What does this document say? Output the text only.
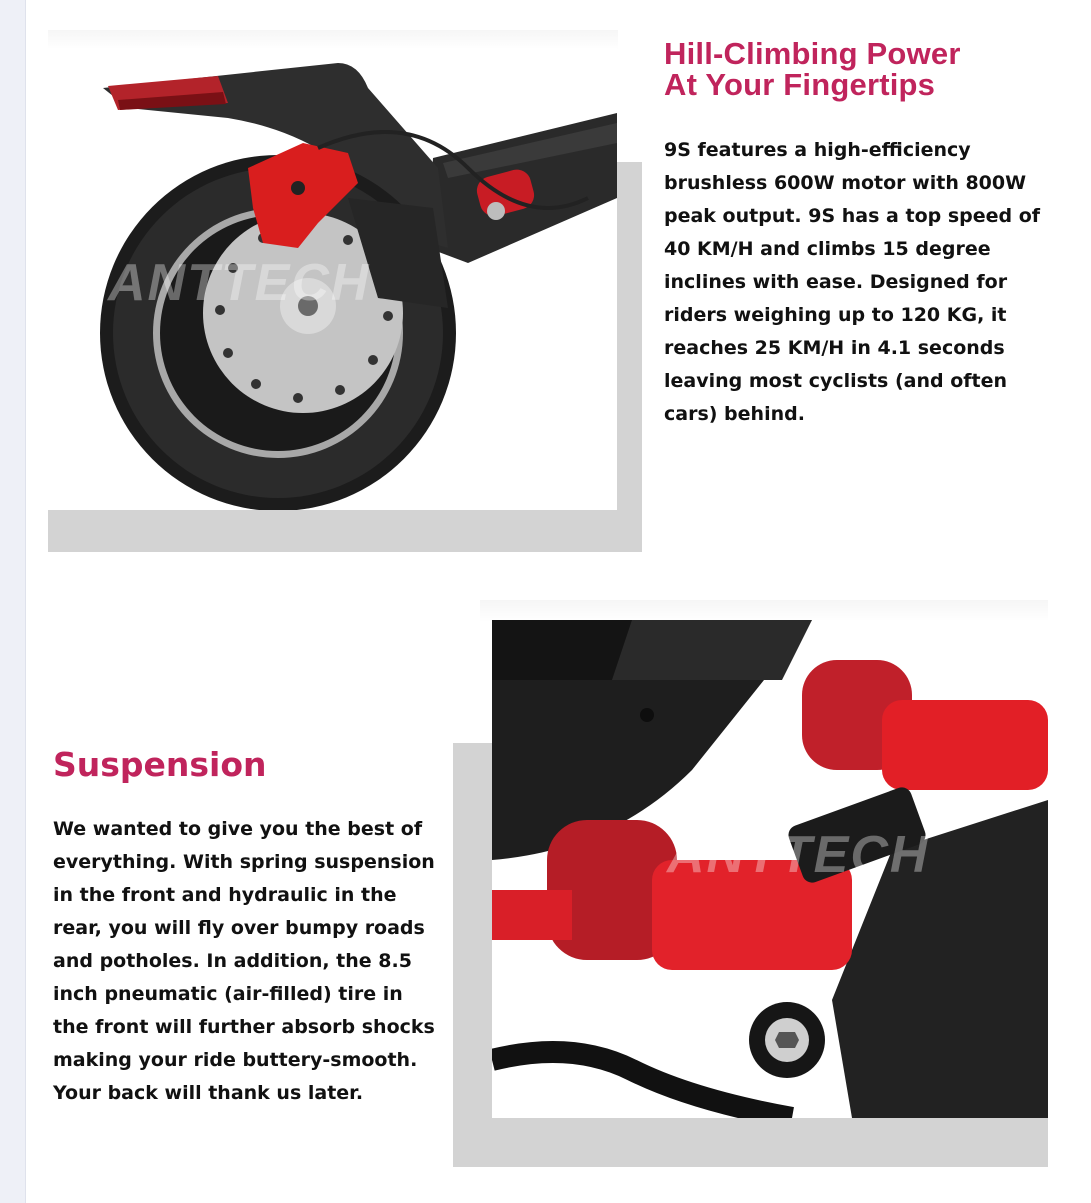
ANTTECH
Hill-Climbing Power
At Your Fingertips

9S features a high-efficiency brushless 600W motor with 800W peak output. 9S has a top speed of 40 KM/H and climbs 15 degree inclines with ease. Designed for riders weighing up to 120 KG, it reaches 25 KM/H in 4.1 seconds leaving most cyclists (and often cars) behind.

Suspension

We wanted to give you the best of everything. With spring suspension in the front and hydraulic in the rear, you will fly over bumpy roads and potholes. In addition, the 8.5 inch pneumatic (air-filled) tire in the front will further absorb shocks making your ride buttery-smooth. Your back will thank us later.

ANTTECH
